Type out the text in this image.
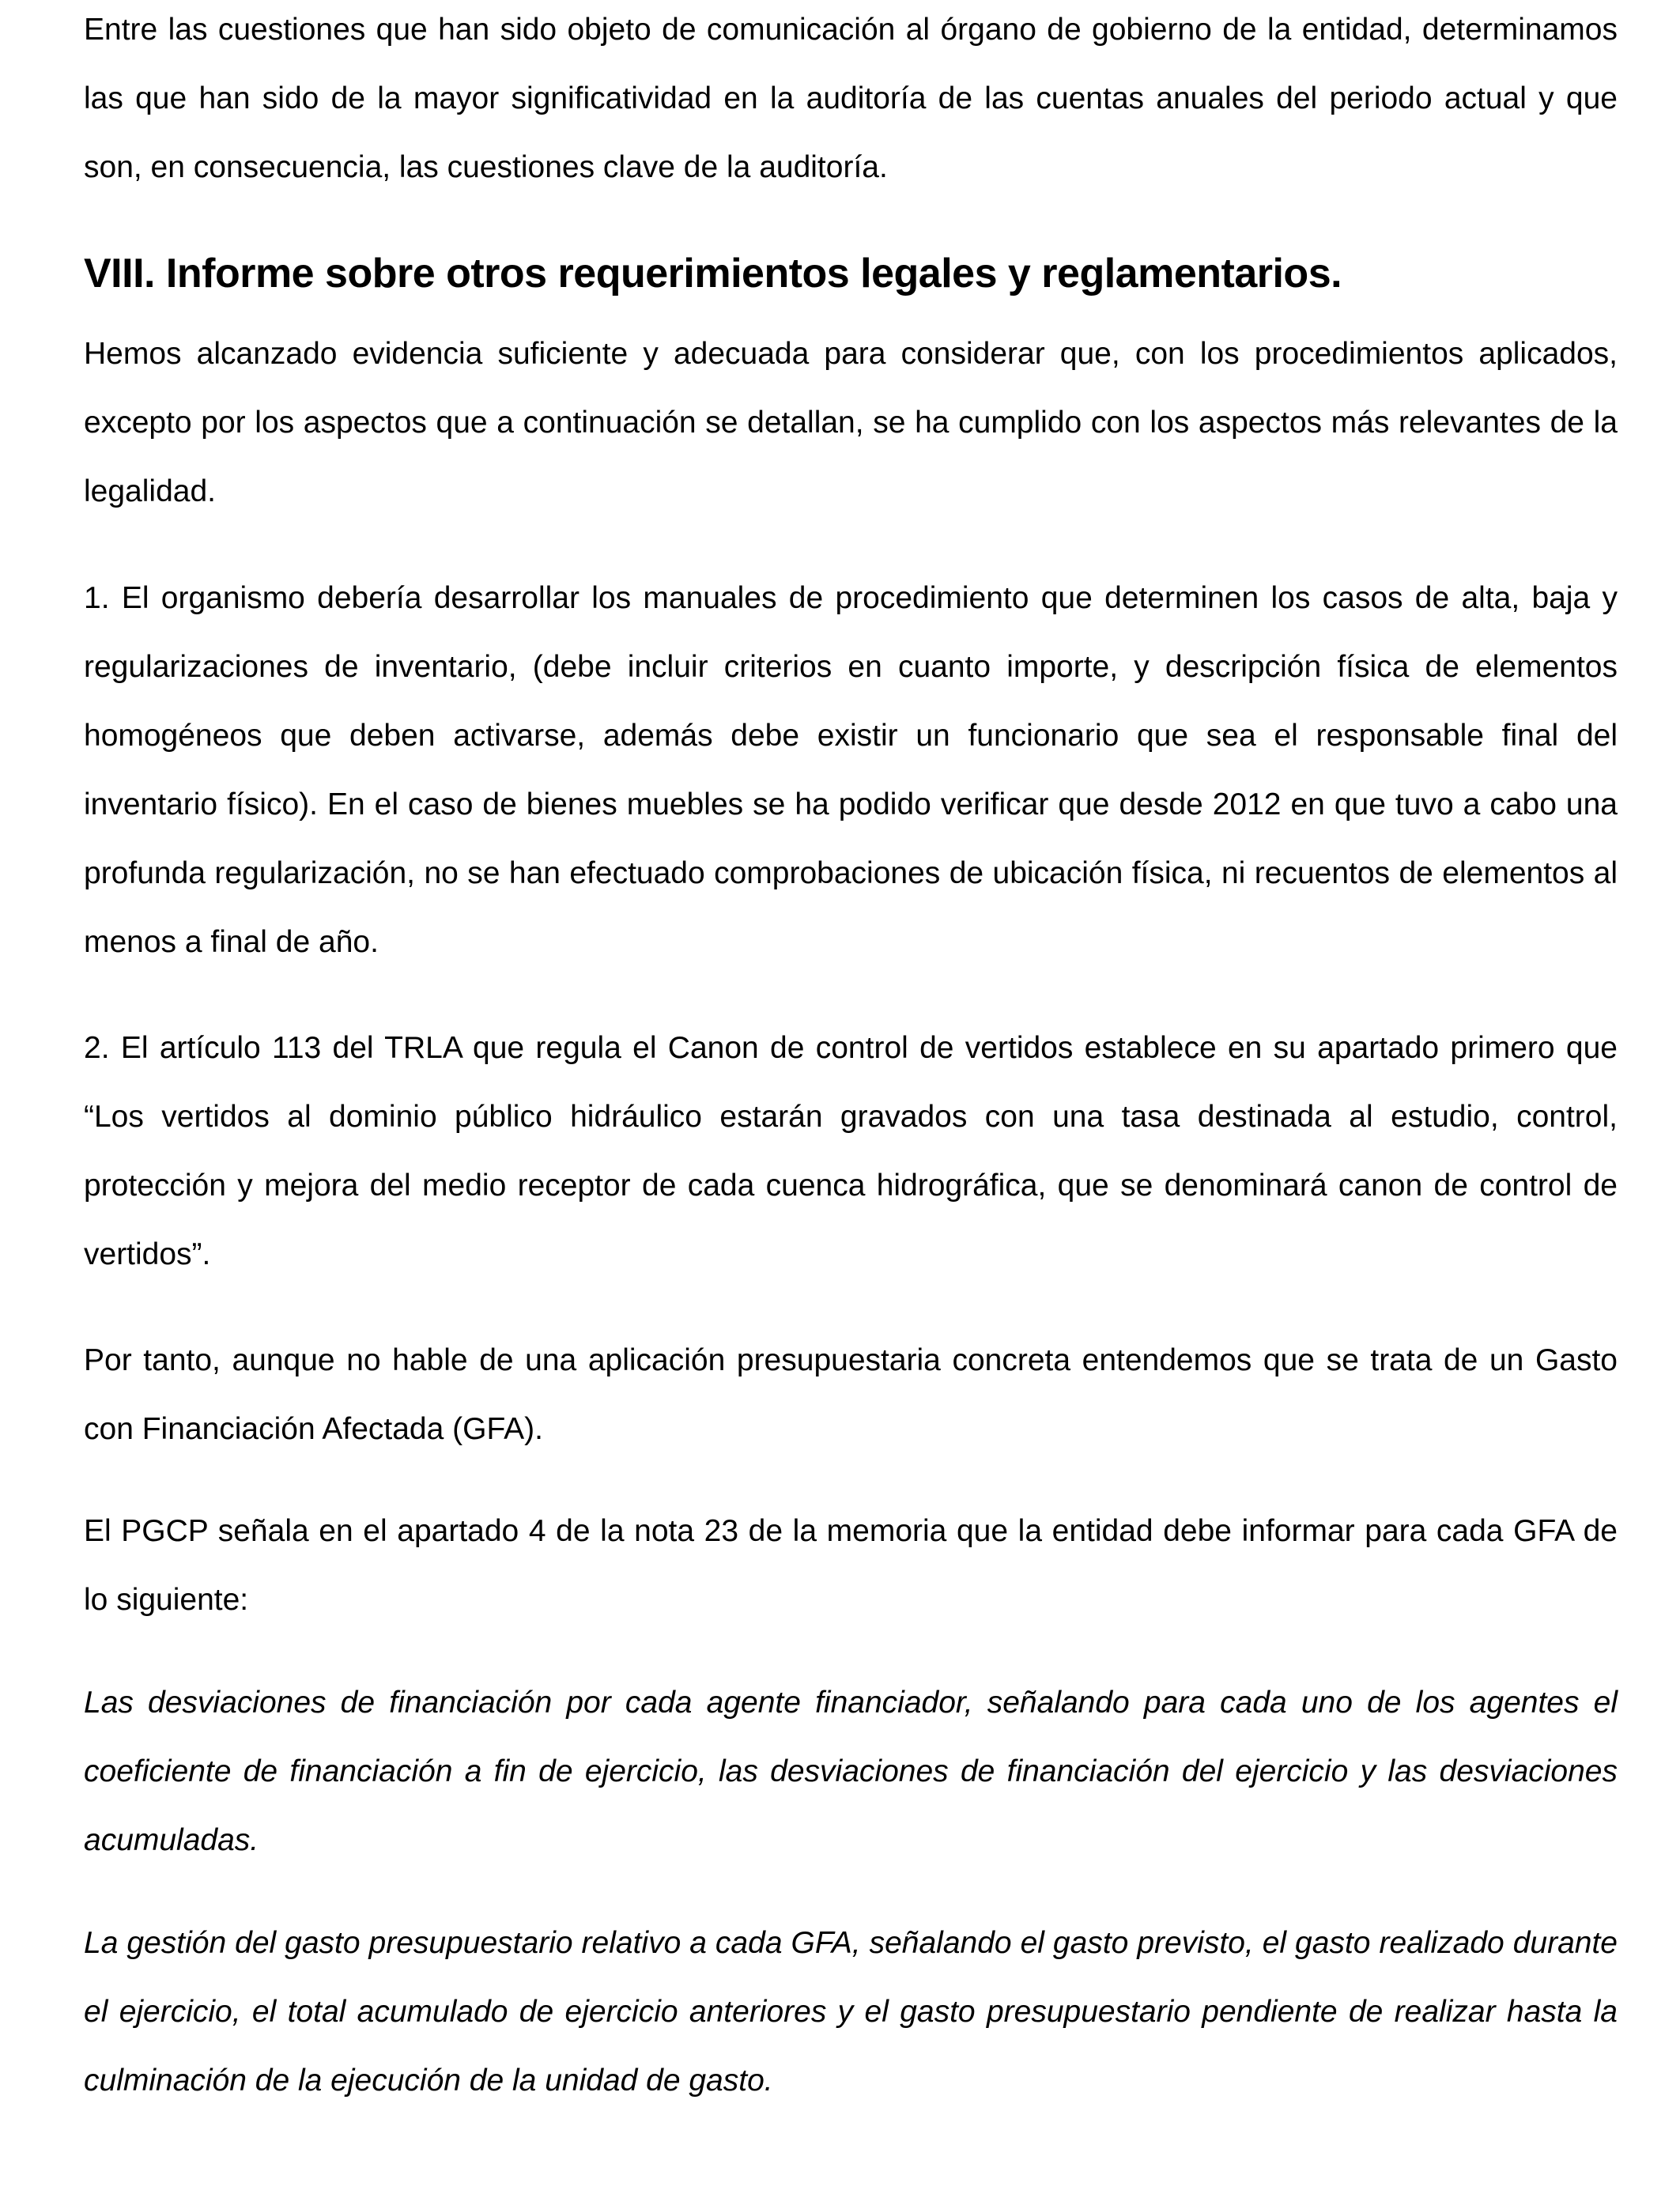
Entre las cuestiones que han sido objeto de comunicación al órgano de gobierno de la entidad, determinamos las que han sido de la mayor significatividad en la auditoría de las cuentas anuales del periodo actual y que son, en consecuencia, las cuestiones clave de la auditoría.

VIII. Informe sobre otros requerimientos legales y reglamentarios.

Hemos alcanzado evidencia suficiente y adecuada para considerar que, con los procedimientos aplicados, excepto por los aspectos que a continuación se detallan, se ha cumplido con los aspectos más relevantes de la legalidad.

1. El organismo debería desarrollar los manuales de procedimiento que determinen los casos de alta, baja y regularizaciones de inventario, (debe incluir criterios en cuanto importe, y descripción física de elementos homogéneos que deben activarse, además debe existir un funcionario que sea el responsable final del inventario físico). En el caso de bienes muebles se ha podido verificar que desde 2012 en que tuvo a cabo una profunda regularización, no se han efectuado comprobaciones de ubicación física, ni recuentos de elementos al menos a final de año.

2. El artículo 113 del TRLA que regula el Canon de control de vertidos establece en su apartado primero que “Los vertidos al dominio público hidráulico estarán gravados con una tasa destinada al estudio, control, protección y mejora del medio receptor de cada cuenca hidrográfica, que se denominará canon de control de vertidos”.

Por tanto, aunque no hable de una aplicación presupuestaria concreta entendemos que se trata de un Gasto con Financiación Afectada (GFA).

El PGCP señala en el apartado 4 de la nota 23 de la memoria que la entidad debe informar para cada GFA de lo siguiente:

Las desviaciones de financiación por cada agente financiador, señalando para cada uno de los agentes el coeficiente de financiación a fin de ejercicio, las desviaciones de financiación del ejercicio y las desviaciones acumuladas.

La gestión del gasto presupuestario relativo a cada GFA, señalando el gasto previsto, el gasto realizado durante el ejercicio, el total acumulado de ejercicio anteriores y el gasto presupuestario pendiente de realizar hasta la culminación de la ejecución de la unidad de gasto.
